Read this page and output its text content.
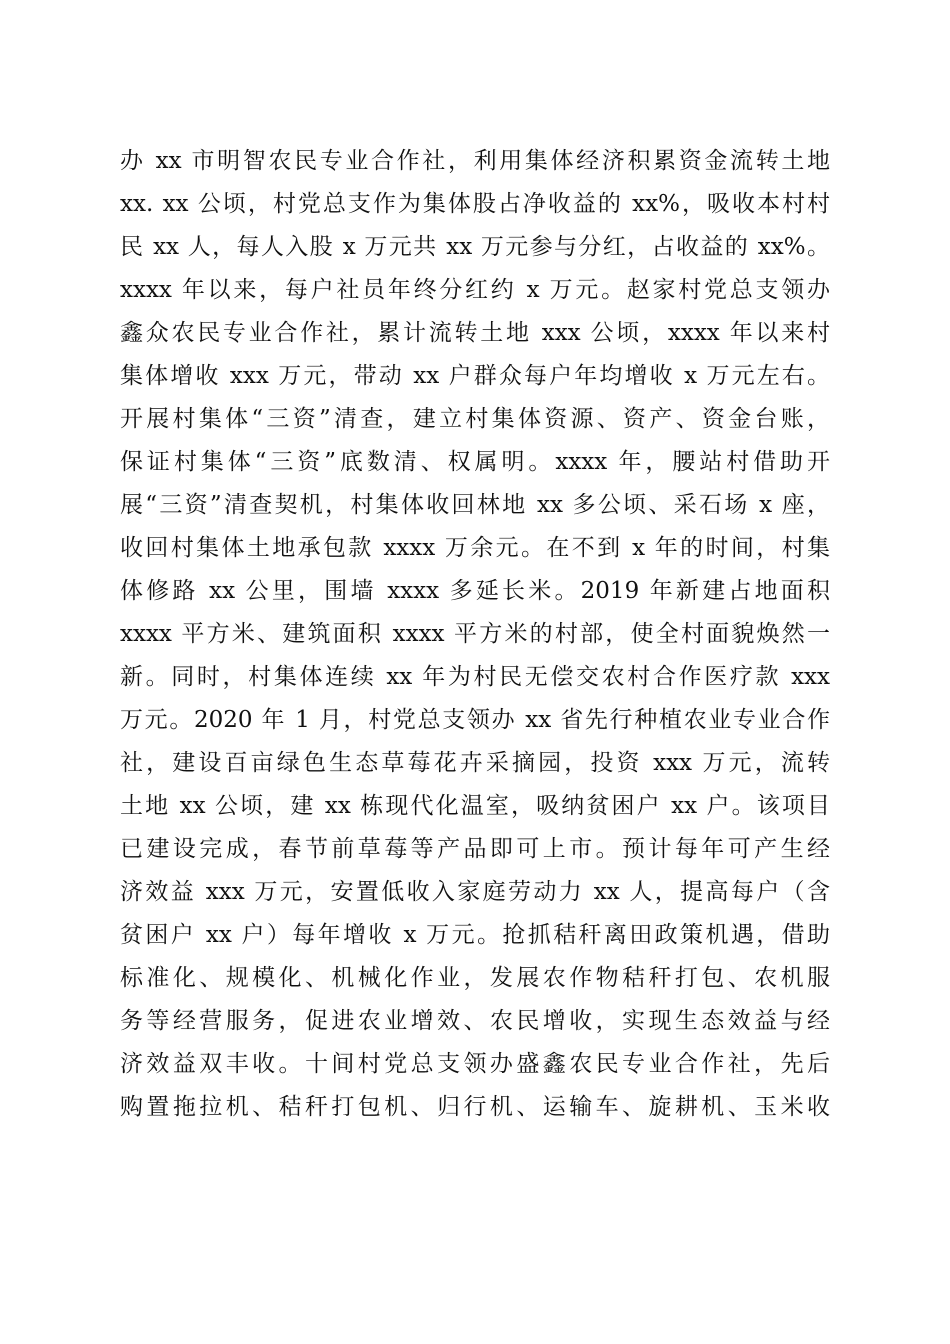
办 xx 市明智农民专业合作社，利用集体经济积累资金流转土地
xx. xx 公顷，村党总支作为集体股占净收益的 xx%，吸收本村村
民 xx 人，每人入股 x 万元共 xx 万元参与分红，占收益的 xx%。
xxxx 年以来，每户社员年终分红约 x 万元。赵家村党总支领办
鑫众农民专业合作社，累计流转土地 xxx 公顷，xxxx 年以来村
集体增收 xxx 万元，带动 xx 户群众每户年均增收 x 万元左右。
开展村集体“三资”清查，建立村集体资源、资产、资金台账，
保证村集体“三资”底数清、权属明。xxxx 年，腰站村借助开
展“三资”清查契机，村集体收回林地 xx 多公顷、采石场 x 座，
收回村集体土地承包款 xxxx 万余元。在不到 x 年的时间，村集
体修路 xx 公里，围墙 xxxx 多延长米。2019 年新建占地面积
xxxx 平方米、建筑面积 xxxx 平方米的村部，使全村面貌焕然一
新。同时，村集体连续 xx 年为村民无偿交农村合作医疗款 xxx
万元。2020 年 1 月，村党总支领办 xx 省先行种植农业专业合作
社，建设百亩绿色生态草莓花卉采摘园，投资 xxx 万元，流转
土地 xx 公顷，建 xx 栋现代化温室，吸纳贫困户 xx 户。该项目
已建设完成，春节前草莓等产品即可上市。预计每年可产生经
济效益 xxx 万元，安置低收入家庭劳动力 xx 人，提高每户（含
贫困户 xx 户）每年增收 x 万元。抢抓秸秆离田政策机遇，借助
标准化、规模化、机械化作业，发展农作物秸秆打包、农机服
务等经营服务，促进农业增效、农民增收，实现生态效益与经
济效益双丰收。十间村党总支领办盛鑫农民专业合作社，先后
购置拖拉机、秸秆打包机、归行机、运输车、旋耕机、玉米收
